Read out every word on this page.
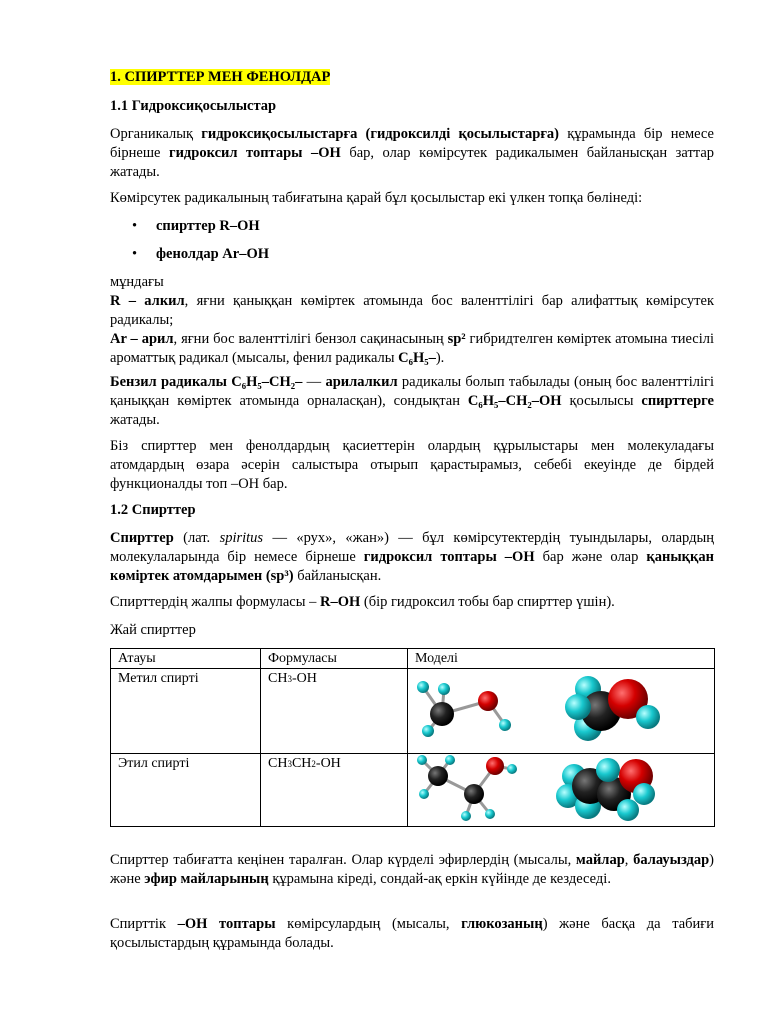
1. СПИРТТЕР МЕН ФЕНОЛДАР
1.1 Гидроксиқосылыстар
Органикалық гидроксиқосылыстарға (гидроксилді қосылыстарға) құрамында бір немесе бірнеше гидроксил топтары –ОН бар, олар көмірсутек радикалымен байланысқан заттар жатады.
Көмірсутек радикалының табиғатына қарай бұл қосылыстар екі үлкен топқа бөлінеді:
• спирттер R–OH
• фенолдар Ar–OH
мұндағы
R – алкил, яғни қаныққан көміртек атомында бос валенттілігі бар алифаттық көмірсутек радикалы;
Ar – арил, яғни бос валенттілігі бензол сақинасының sp² гибридтелген көміртек атомына тиесілі ароматтық радикал (мысалы, фенил радикалы C₆H₅–).
Бензил радикалы C₆H₅–CH₂– — арилалкил радикалы болып табылады (оның бос валенттілігі қаныққан көміртек атомында орналасқан), сондықтан C₆H₅–CH₂–OH қосылысы спирттерге жатады.
Біз спирттер мен фенолдардың қасиеттерін олардың құрылыстары мен молекуладағы атомдардың өзара әсерін салыстыра отырып қарастырамыз, себебі екеуінде де бірдей функционалды топ –ОН бар.
1.2 Спирттер
Спирттер (лат. spiritus — «рух», «жан») — бұл көмірсутектердің туындылары, олардың молекулаларында бір немесе бірнеше гидроксил топтары –OH бар және олар қаныққан көміртек атомдарымен (sp³) байланысқан.
Спирттердің жалпы формуласы – R–OH (бір гидроксил тобы бар спирттер үшін).
Жай спирттер
Атауы	Формуласы	Моделі
Метил спирті	CH3-OH	

Этил спирті	CH3CH2-OH	
Спирттер табиғатта кеңінен таралған. Олар күрделі эфирлердің (мысалы, майлар, балауыздар) және эфир майларының құрамына кіреді, сондай-ақ еркін күйінде де кездеседі.
Спирттік –OH топтары көмірсулардың (мысалы, глюкозаның) және басқа да табиғи қосылыстардың құрамында болады.
